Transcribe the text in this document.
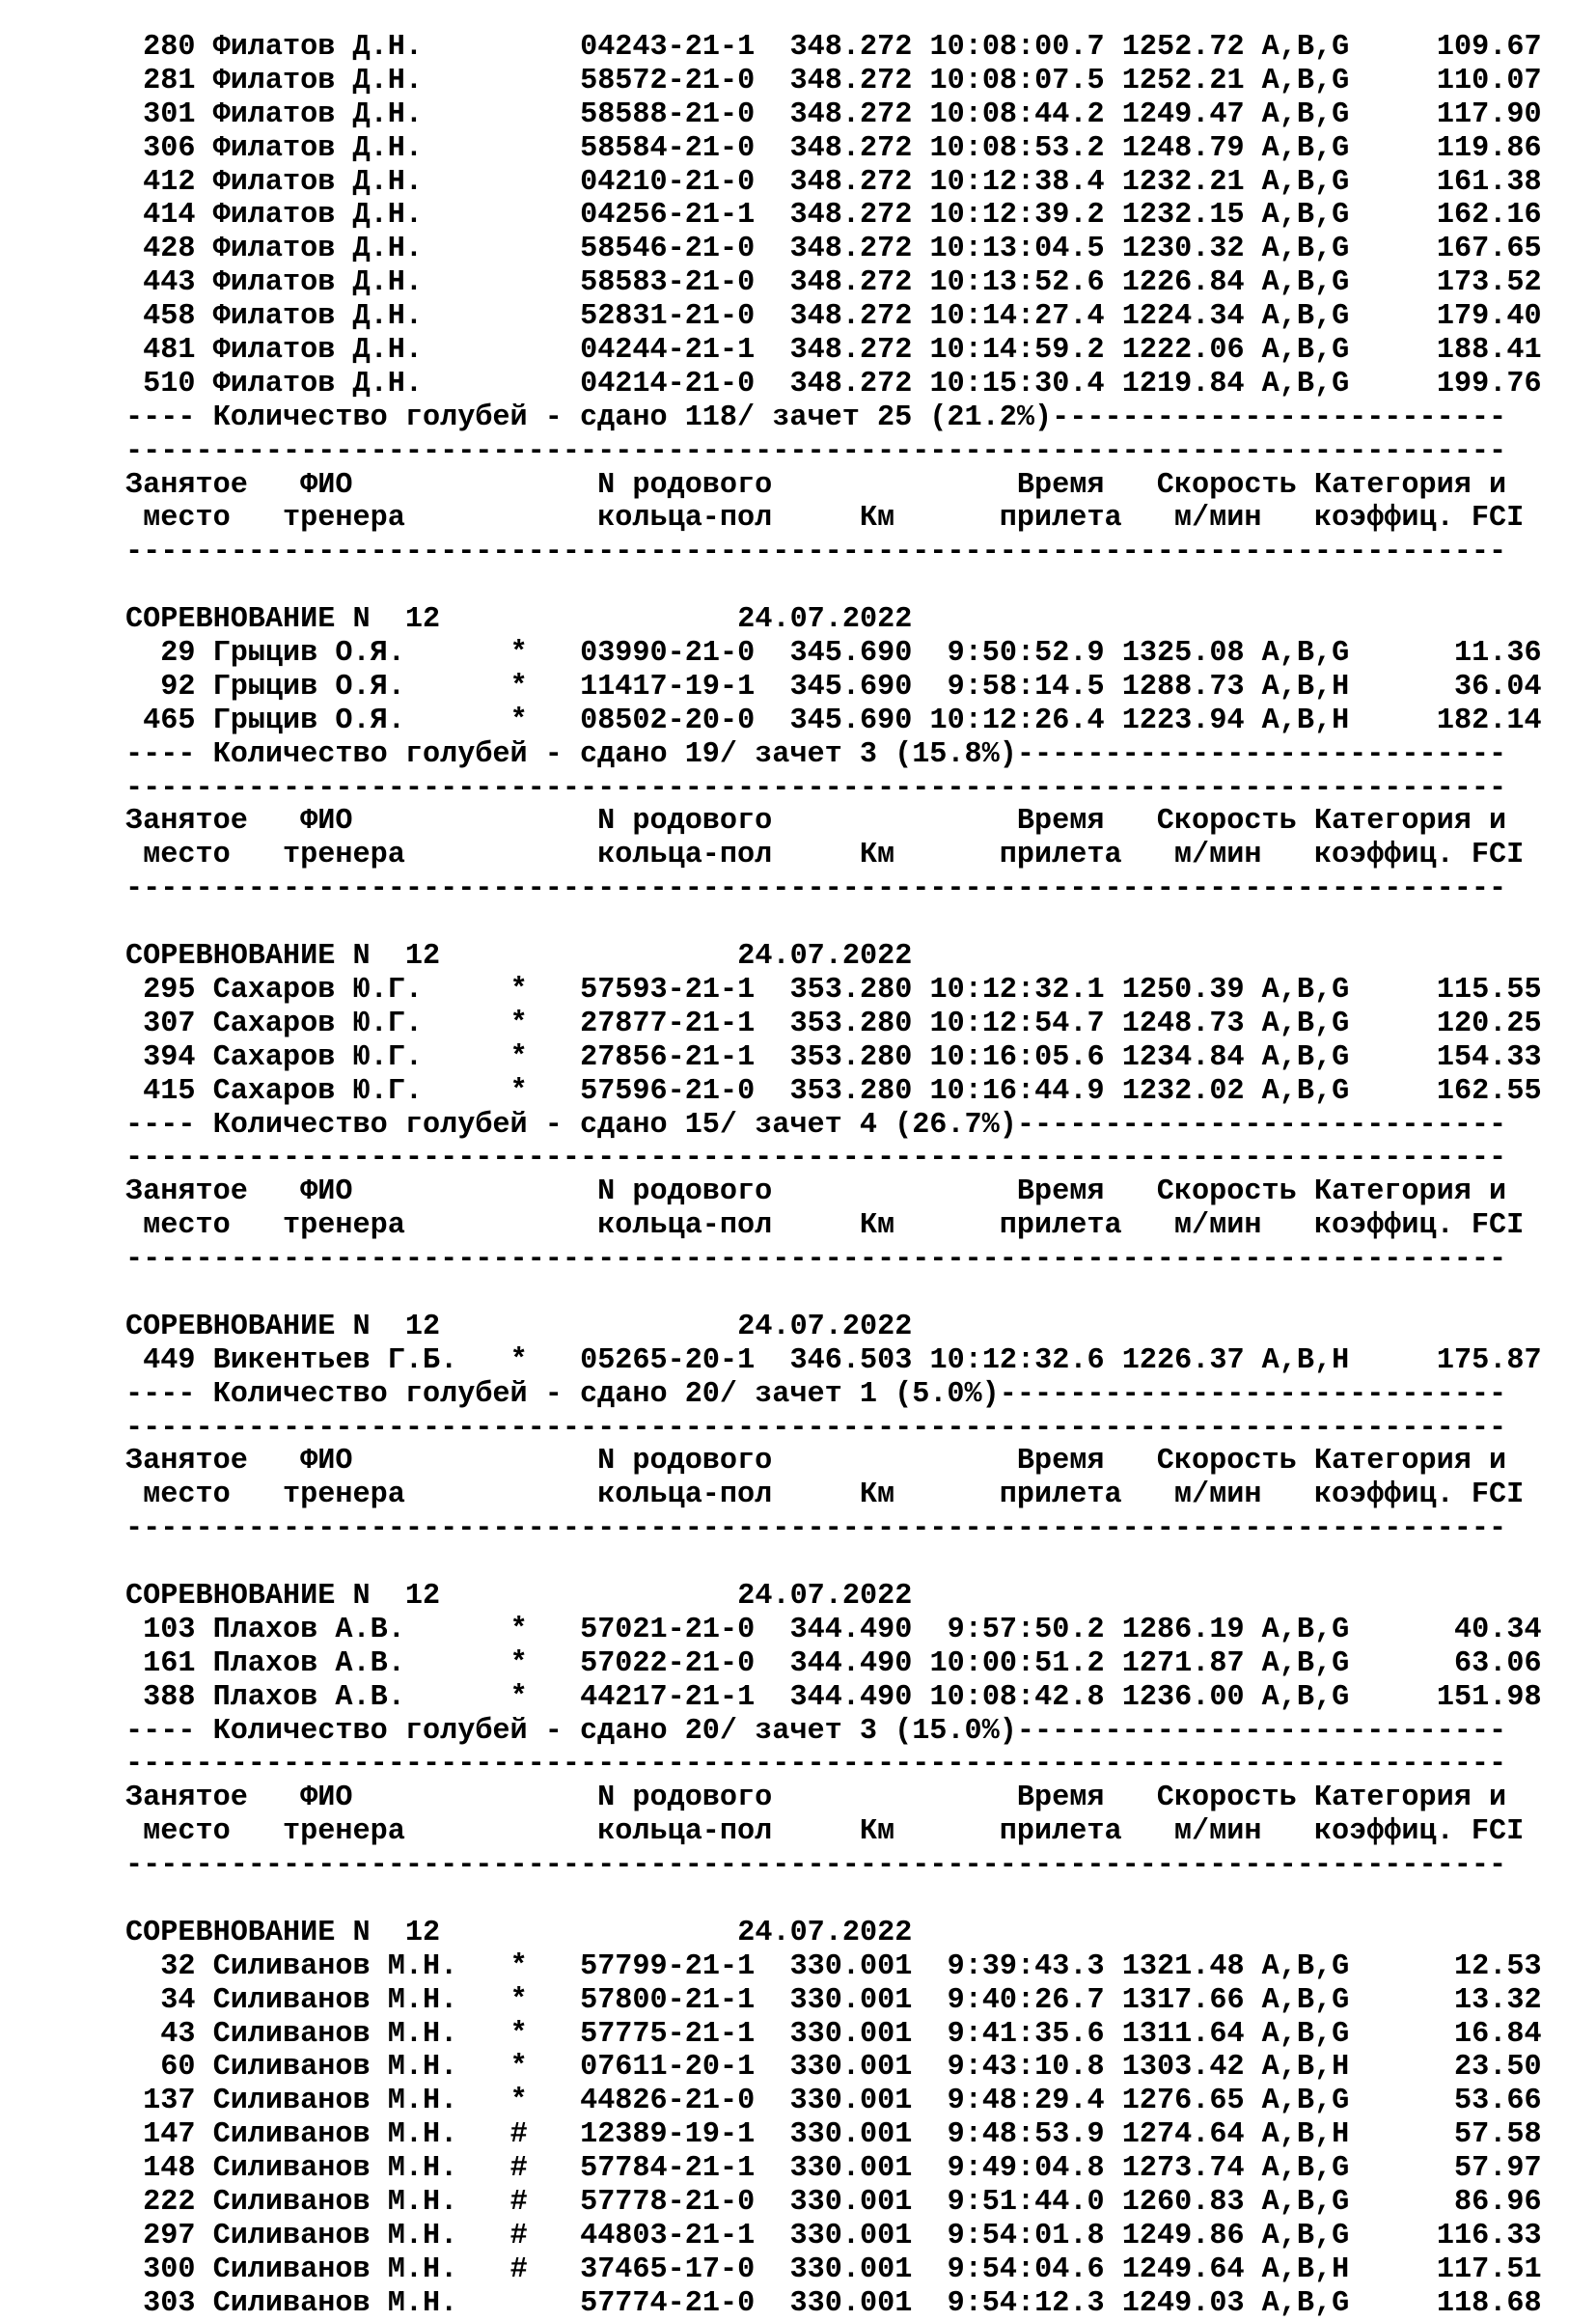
280 Филатов Д.Н.	04243-21-1 348.272 10:08:00.7 1252.72 A,B,G	109.67
281 Филатов Д.Н.	58572-21-0 348.272 10:08:07.5 1252.21 A,B,G	110.07
301 Филатов Д.Н.	58588-21-0 348.272 10:08:44.2 1249.47 A,B,G	117.90
306 Филатов Д.Н.	58584-21-0 348.272 10:08:53.2 1248.79 A,B,G	119.86
412 Филатов Д.Н.	04210-21-0 348.272 10:12:38.4 1232.21 A,B,G	161.38
414 Филатов Д.Н.	04256-21-1 348.272 10:12:39.2 1232.15 A,B,G	162.16
428 Филатов Д.Н.	58546-21-0 348.272 10:13:04.5 1230.32 A,B,G	167.65
443 Филатов Д.Н.	58583-21-0 348.272 10:13:52.6 1226.84 A,B,G	173.52
458 Филатов Д.Н.	52831-21-0 348.272 10:14:27.4 1224.34 A,B,G	179.40
481 Филатов Д.Н.	04244-21-1 348.272 10:14:59.2 1222.06 A,B,G	188.41
510 Филатов Д.Н.	04214-21-0 348.272 10:15:30.4 1219.84 A,B,G	199.76
---- Количество голубей - сдано 118/ зачет 25 (21.2%)--------------------------
-------------------------------------------------------------------------------
Занятое   ФИО              N родового              Время   Скорость Категория и
место   тренера           кольца-пол     Км      прилета   м/мин   коэффиц. FCI
-------------------------------------------------------------------------------
СОРЕВНОВАНИЕ N  12	24.07.2022
29 Грыцив О.Я.	* 03990-21-0 345.690 9:50:52.9 1325.08 A,B,G	11.36
92 Грыцив О.Я.	* 11417-19-1 345.690 9:58:14.5 1288.73 A,B,H	36.04
465 Грыцив О.Я.	* 08502-20-0 345.690 10:12:26.4 1223.94 A,B,H	182.14
---- Количество голубей - сдано 19/ зачет 3 (15.8%)----------------------------
-------------------------------------------------------------------------------
Занятое   ФИО              N родового              Время   Скорость Категория и
место   тренера           кольца-пол     Км      прилета   м/мин   коэффиц. FCI
-------------------------------------------------------------------------------
СОРЕВНОВАНИЕ N  12	24.07.2022
295 Сахаров Ю.Г.	* 57593-21-1 353.280 10:12:32.1 1250.39 A,B,G	115.55
307 Сахаров Ю.Г.	* 27877-21-1 353.280 10:12:54.7 1248.73 A,B,G	120.25
394 Сахаров Ю.Г.	* 27856-21-1 353.280 10:16:05.6 1234.84 A,B,G	154.33
415 Сахаров Ю.Г.	* 57596-21-0 353.280 10:16:44.9 1232.02 A,B,G	162.55
---- Количество голубей - сдано 15/ зачет 4 (26.7%)----------------------------
-------------------------------------------------------------------------------
Занятое   ФИО              N родового              Время   Скорость Категория и
место   тренера           кольца-пол     Км      прилета   м/мин   коэффиц. FCI
-------------------------------------------------------------------------------
СОРЕВНОВАНИЕ N  12	24.07.2022
449 Викентьев Г.Б. * 05265-20-1 346.503 10:12:32.6 1226.37 A,B,H	175.87
---- Количество голубей - сдано 20/ зачет 1 (5.0%)-----------------------------
-------------------------------------------------------------------------------
Занятое   ФИО              N родового              Время   Скорость Категория и
место   тренера           кольца-пол     Км      прилета   м/мин   коэффиц. FCI
-------------------------------------------------------------------------------
СОРЕВНОВАНИЕ N  12	24.07.2022
103 Плахов А.В.	* 57021-21-0 344.490 9:57:50.2 1286.19 A,B,G	40.34
161 Плахов А.В.	* 57022-21-0 344.490 10:00:51.2 1271.87 A,B,G	63.06
388 Плахов А.В.	* 44217-21-1 344.490 10:08:42.8 1236.00 A,B,G	151.98
---- Количество голубей - сдано 20/ зачет 3 (15.0%)----------------------------
-------------------------------------------------------------------------------
Занятое   ФИО              N родового              Время   Скорость Категория и
место   тренера           кольца-пол     Км      прилета   м/мин   коэффиц. FCI
-------------------------------------------------------------------------------
СОРЕВНОВАНИЕ N  12	24.07.2022
32 Силиванов М.Н. * 57799-21-1 330.001 9:39:43.3 1321.48 A,B,G	12.53
34 Силиванов М.Н. * 57800-21-1 330.001 9:40:26.7 1317.66 A,B,G	13.32
43 Силиванов М.Н. * 57775-21-1 330.001 9:41:35.6 1311.64 A,B,G	16.84
60 Силиванов М.Н. * 07611-20-1 330.001 9:43:10.8 1303.42 A,B,H	23.50
137 Силиванов М.Н. * 44826-21-0 330.001 9:48:29.4 1276.65 A,B,G	53.66
147 Силиванов М.Н. # 12389-19-1 330.001 9:48:53.9 1274.64 A,B,H	57.58
148 Силиванов М.Н. # 57784-21-1 330.001 9:49:04.8 1273.74 A,B,G	57.97
222 Силиванов М.Н. # 57778-21-0 330.001 9:51:44.0 1260.83 A,B,G	86.96
297 Силиванов М.Н. # 44803-21-1 330.001 9:54:01.8 1249.86 A,B,G	116.33
300 Силиванов М.Н. # 37465-17-0 330.001 9:54:04.6 1249.64 A,B,H	117.51
303 Силиванов М.Н.	57774-21-0 330.001 9:54:12.3 1249.03 A,B,G	118.68
